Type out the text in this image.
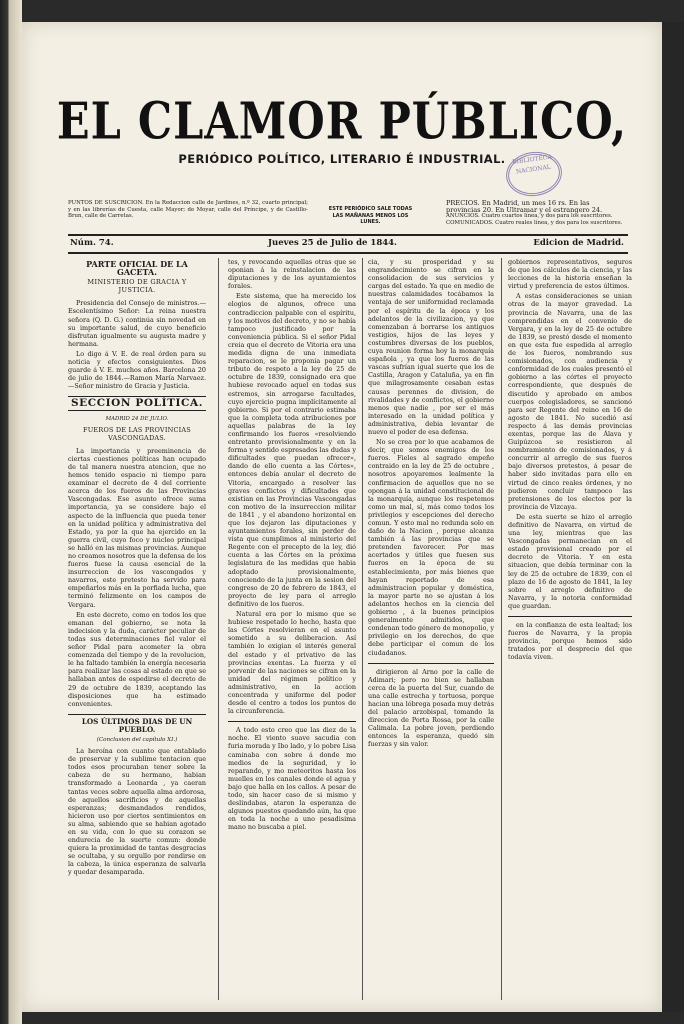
EL CLAMOR PÚBLICO,
PERIÓDICO POLÍTICO, LITERARIO É INDUSTRIAL.	BIBLIOTECA NACIONAL
PUNTOS DE SUSCRICION. En la Redaccion calle de Jardines, n.º 32, cuarto principal; y en las librerías de Cuesta, calle Mayor; de Moyar, calle del Príncipe, y de Castillo-Brun, calle de Carretas.
ESTE PERIÓDICO SALE TODAS LAS MAÑANAS MENOS LOS LUNES.
PRECIOS. En Madrid, un mes 16 rs. En las provincias 20. En Ultramar y el estrangero 24.
ANUNCIOS. Cuatro cuartos línea, y dos para los suscritores.
COMUNICADOS. Cuatro reales línea, y dos para los suscritores.
Núm. 74.	Jueves 25 de Julio de 1844.	Edicion de Madrid.
PARTE OFICIAL DE LA GACETA.
MINISTERIO DE GRACIA Y JUSTICIA.

Presidencia del Consejo de ministros.—Escelentísimo Señor: La reina nuestra señora (Q. D. G.) continúa sin novedad en su importante salud, de cuyo beneficio disfrutan igualmente su augusta madre y hermana.

Lo digo á V. E. de real órden para su noticia y efectos consiguientes. Dios guarde á V. E. muchos años. Barcelona 20 de julio de 1844.—Ramon María Narvaez.—Señor ministro de Gracia y Justicia.

SECCION POLÍTICA.
MADRID 24 DE JULIO.
FUEROS DE LAS PROVINCIAS VASCONGADAS.

La importancia y preeminencia de ciertas cuestiones políticas han ocupado de tal manera nuestra atencion, que no hemos tenido espacio ni tiempo para examinar el decreto de 4 del corriente acerca de los fueros de las Provincias Vascongadas. Ese asunto ofrece suma importancia, ya se considere bajo el aspecto de la influencia que pueda tener en la unidad política y administrativa del Estado, ya por la que ha ejercido en la guerra civil, cuyo foco y núcleo principal se halló en las mismas provincias. Aunque no creamos nosotros que la defensa de los fueros fuese la causa esencial de la insurreccion de los vascongados y navarros, este pretesto ha servido para empeñarlos más en la porfiada lucha, que terminó felizmente en los campos de Vergara.

En este decreto, como en todos los que emanan del gobierno, se nota la indecision y la duda, carácter peculiar de todas sus determinaciones fiel valor el señor Pidal para acometer la obra comenzada del tiempo y de la revolucion, le ha faltado también la energía necesaria para realizar las cosas al estado en que se hallaban antes de espedirse el decreto de 29 de octubre de 1839, aceptando las disposiciones que ha estimado convenientes.

LOS ÚLTIMOS DIAS DE UN PUEBLO.
(Conclusion del capítulo XI.)

La heroína con cuanto que entablado de preservar y la sublime tentacion que todos esos procuraban tener sobre la cabeza de su hermano, habian transformado a Leonarda , ya caeran tantas veces sobre aquella alma ardorosa, de aquellos sacrificios y de aquellas esperanzas; desmandados rendidos, hicieron uso por ciertos sentimientos en su alma, sabiendo que se habian agotado en su vida, con lo que su corazon se endurecia de la suerte comun: donde quiera la proximidad de tantas desgracias se ocultaba, y su orgullo por rendirse en la cabeza, la única esperanza de salvarla y quedar desamparada.

tes, y revocando aquellas otras que se oponian á la reinstalacion de las diputaciones y de los ayuntamientos forales.

Este sistema, que ha merecido los elogios de algunos, ofrece una contradiccion palpable con el espíritu, y los motivos del decreto, y no se había tampoco justificado por la conveniencia pública. Si el señor Pidal creia que el decreto de Vitoria era una medida digna de una inmediata reparacion, se le proponia pagar un tributo de respeto a la ley de 25 de octubre de 1839, consignado era que hubiese revocado aquel en todas sus estremos, sin arrogarse facultades, cuyo ejercicio pugna implícitamente al gobierno. Si por el contrario estimaba que la completa toda atribuciones por aquellas palabras de la ley confirmando los fueros «resolviendo entretanto provisionalmente y en la forma y sentido espresados las dudas y dificultades que puedan ofrecer», dando de ello cuenta a las Córtes», entonces debía anular el decreto de Vitoria, encargado a resolver las graves conflictos y dificultades que existian en las Provincias Vascongadas con motivo de la insurreccion militar de 1841 , y el abandono horizontal en que los dejaron las diputaciones y ayuntamientos forales, sin perder de vista que cumplimos al ministerio del Regente con el precepto de la ley, dió cuenta a las Córtes en la próxima legislatura de las medidas que habia adoptado provisionalmente, conociendo de la junta en la sesion del congreso de 20 de febrero de 1843, el proyecto de ley para el arreglo definitivo de los fueros.

Natural era por lo mismo que se hubiese respetado lo hecho, hasta que las Córtes resolvieran en el asunto sometido a su deliberacion. Así también lo exigian el interés general del estado y el privativo de las provincias exentas. La fuerza y el porvenir de las naciones se cifran en la unidad del régimen político y administrativo, en la accion concentrada y uniforme del poder desde el centro a todos los puntos de la circunferencia.

A todo esto creo que las diez de la noche. El viento suave sacudia con furia morada y Ibo lado, y lo pobre Lisa caminaba con sobre á donde mo medios de la seguridad, y lo reparando, y mo meteoritos hasta los muelles en los canales donde el agua y bajo que halla en los callos. A pesar de todo, sin hacer caso de si mismo y deslindabas, ataron la esperanza de algunos puestos quedando aún, ha que en toda la noche a uno pesadisima mano no buscaba a piel.

cia, y su prosperidad y su engrandecimiento se cifran en la consolidacion de sus servicios y cargas del estado. Ya que en medio de nuestras calamidades tocábamos la ventaja de ser uniformidad reclamada por el espíritu de la época y los adelantos de la civilizacion, ya que comenzaban á borrarse los antiguos vestigios, hijos de las leyes y costumbres diversas de los pueblos, cuya reunion forma hoy la monarquía española , ya que los fueros de las vascas sufrían igual suerte que los de Castilla, Aragon y Cataluña, ya en fin que milagrosamente cesaban estas causas perennes de division, de rivalidades y de conflictos, el gobierno menos que nadie , por ser el más interesado en la unidad política y administrativa, debia levantar de nuevo el poder de esa defensa.

No se crea por lo que acabamos de decir, que somos enemigos de los fueros. Fieles al sagrado empeño contraido en la ley de 25 de octubre , nosotros apoyaremos lealmente la confirmacion de aquellos que no se opongan á la unidad constitucional de la monarquía, aunque los respetemos como un mal, sí, más como todos los privilegios y escepciones del derecho comun. Y esto mal no redunda solo en daño de la Nacion , porque alcanza también á las provincias que se pretenden favorecer. Por mas acertados y útiles que fuesen sus fueros en la época de su establecimiento, por más bienes que hayan reportado de esa administracion popular y doméstica, la mayor parte no se ajustan á los adelantos hechos en la ciencia del gobierno , á la buenos principios generalmente admitidos, que condenan todo género de monopolio, y privilegio en los derechos, de que debe participar el comun de los ciudadanos.

dirigieron al Arno por la calle de Adimari; pero no bien se hallaban cerca de la puerta del Sur, cuando de una calle estrecha y tortuosa, porque hacian una lóbrega posada muy detrás del palacio arzobispal, tomando la direccion de Porta Rossa, por la calle Calimala. La pobre joven, perdiendo entonces la esperanza, quedó sin fuerzas y sin valor.

gobiernos representativos, seguros de que los cálculos de la ciencia, y las lecciones de la historia enseñan la virtud y preferencia de estos últimos.

A estas consideraciones se unian otras de la mayor gravedad. La provincia de Navarra, una de las comprendidas en el convenio de Vergara, y en la ley de 25 de octubre de 1839, se prestó desde el momento en que esta fue espedida al arreglo de los fueros, nombrando sus comisionados, con audiencia y conformidad de los cuales presentó el gobierno a las córtes el proyecto correspondiente, que después de discutido y aprobado en ambos cuerpos colegisladores, se sancionó para ser Regente del reino en 16 de agosto de 1841. No sucedió así respecto á las demás provincias exentas, porque las de Álava y Guipúzcoa se resistieron al nombramiento de comisionados, y á concurrir al arreglo de sus fueros bajo diversos pretestos, á pesar de haber sido invitadas para ello en virtud de cinco reales órdenes, y no pudieron concluir tampoco las pretensiones de los electos por la provincia de Vizcaya.

De esta suerte se hizo el arreglo definitivo de Navarra, en virtud de una ley, mientras que las Vascongadas permanecian en el estado provisional creado por el decreto de Vitoria. Y en esta situacion, que debía terminar con la ley de 25 de octubre de 1839, con el plazo de 16 de agosto de 1841, la ley sobre el arreglo definitivo de Navarra, y la notoria conformidad que guardan.

en la confianza de esta lealtad; los fueros de Navarra, y la propia provincia, porque hemos sido tratados por el desprecio del que todavía viven.
